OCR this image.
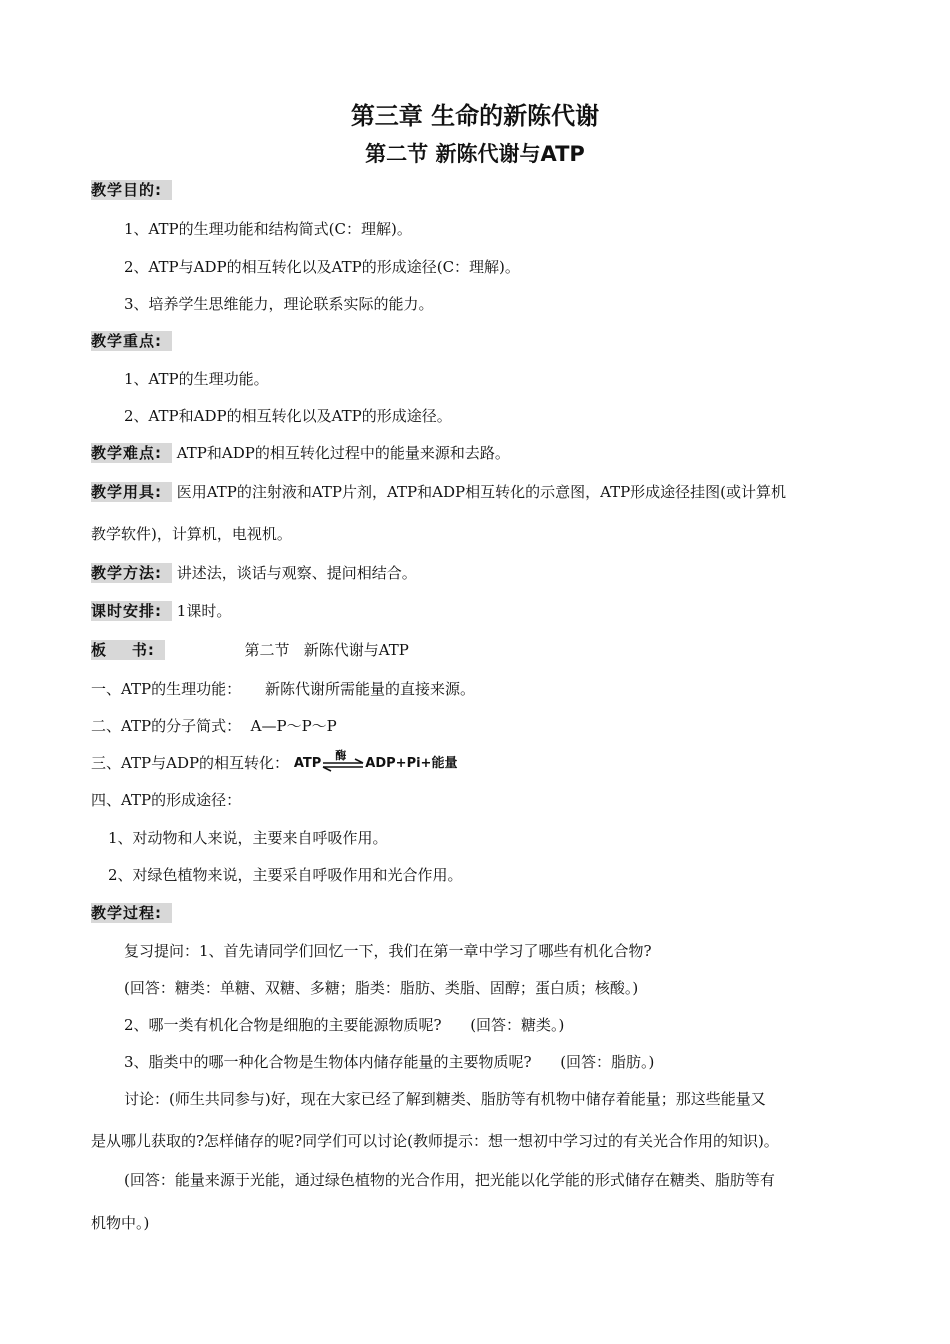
第三章 生命的新陈代谢
第二节 新陈代谢与ATP
教学目的:
1、ATP的生理功能和结构简式(C：理解)。
2、ATP与ADP的相互转化以及ATP的形成途径(C：理解)。
3、培养学生思维能力，理论联系实际的能力。
教学重点:
1、ATP的生理功能。
2、ATP和ADP的相互转化以及ATP的形成途径。
教学难点: ATP和ADP的相互转化过程中的能量来源和去路。
教学用具: 医用ATP的注射液和ATP片剂，ATP和ADP相互转化的示意图，ATP形成途径挂图(或计算机
教学软件)，计算机，电视机。
教学方法: 讲述法，谈话与观察、提问相结合。
课时安排: 1课时。
板    书:	第二节   新陈代谢与ATP
一、ATP的生理功能：     新陈代谢所需能量的直接来源。
二、ATP的分子简式：  A—P～P～P
三、ATP与ADP的相互转化： ATP
酶
ADP+Pi+能量
四、ATP的形成途径：
1、对动物和人来说，主要来自呼吸作用。
2、对绿色植物来说，主要采自呼吸作用和光合作用。
教学过程:
复习提问：1、首先请同学们回忆一下，我们在第一章中学习了哪些有机化合物?
(回答：糖类：单糖、双糖、多糖；脂类：脂肪、类脂、固醇；蛋白质；核酸。)
2、哪一类有机化合物是细胞的主要能源物质呢?      (回答：糖类。)
3、脂类中的哪一种化合物是生物体内储存能量的主要物质呢?      (回答：脂肪。)
讨论：(师生共同参与)好，现在大家已经了解到糖类、脂肪等有机物中储存着能量；那这些能量又
是从哪儿获取的?怎样储存的呢?同学们可以讨论(教师提示：想一想初中学习过的有关光合作用的知识)。
(回答：能量来源于光能，通过绿色植物的光合作用，把光能以化学能的形式储存在糖类、脂肪等有
机物中。)
